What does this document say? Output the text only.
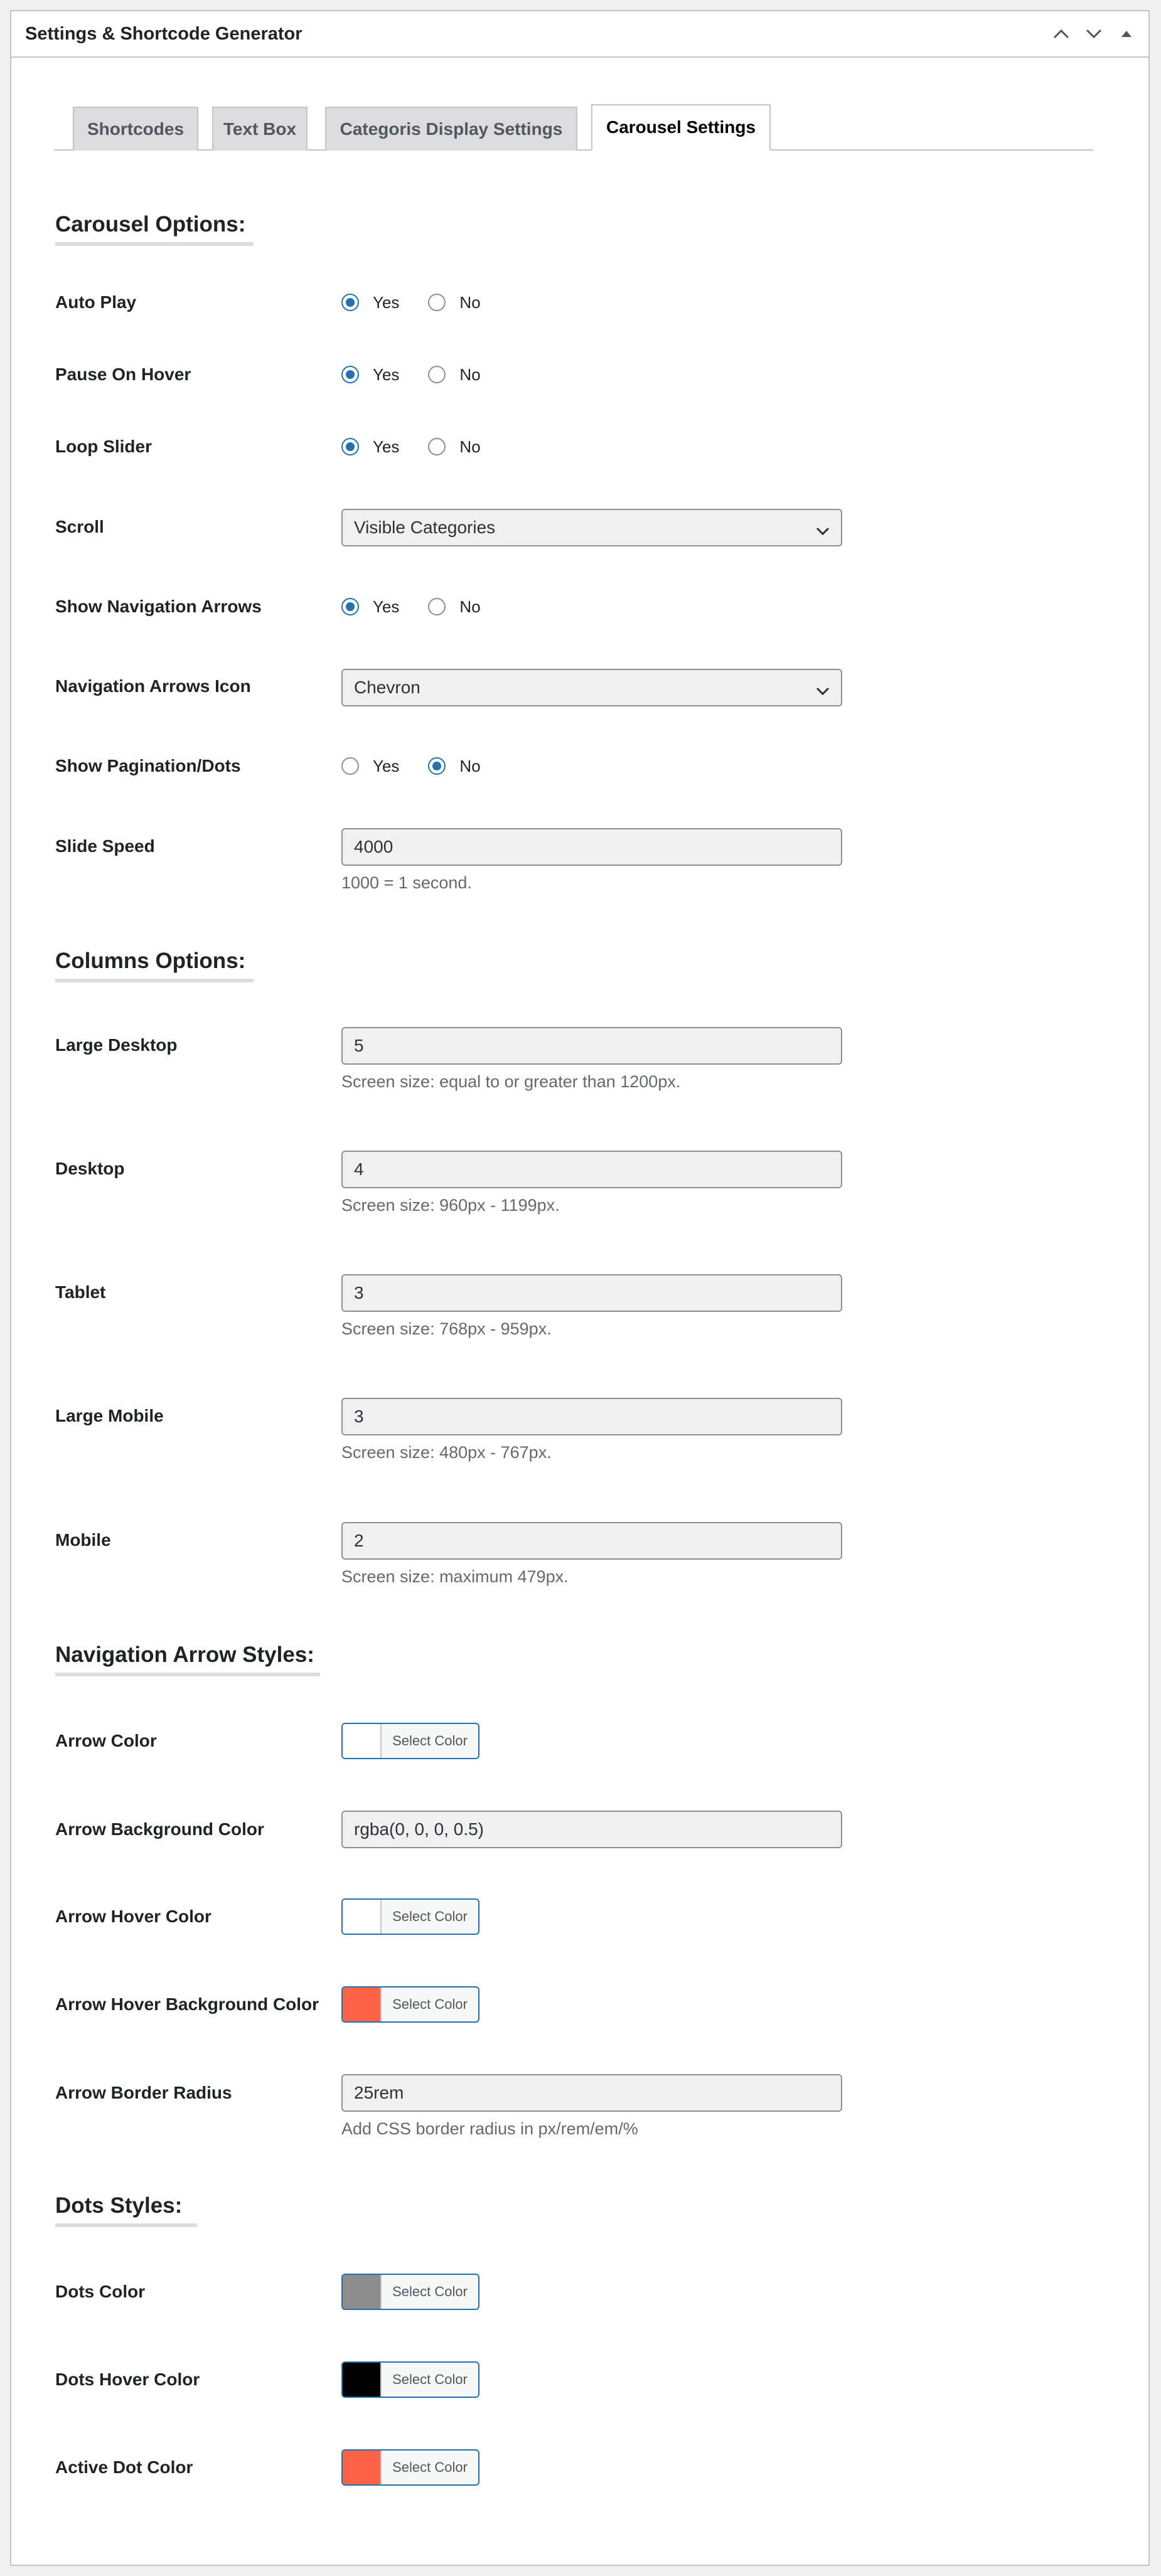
Settings & Shortcode Generator
Shortcodes	Text Box	Categoris Display Settings	Carousel Settings
Carousel Options:
Auto Play	Yes	No
Pause On Hover	Yes	No
Loop Slider	Yes	No
Scroll	Visible Categories
Show Navigation Arrows	Yes	No
Navigation Arrows Icon	Chevron
Show Pagination/Dots	Yes	No
Slide Speed	4000
1000 = 1 second.
Columns Options:
Large Desktop	5
Screen size: equal to or greater than 1200px.
Desktop	4
Screen size: 960px - 1199px.
Tablet	3
Screen size: 768px - 959px.
Large Mobile	3
Screen size: 480px - 767px.
Mobile	2
Screen size: maximum 479px.
Navigation Arrow Styles:
Arrow Color	Select Color
Arrow Background Color	rgba(0, 0, 0, 0.5)
Arrow Hover Color	Select Color
Arrow Hover Background Color	Select Color
Arrow Border Radius	25rem
Add CSS border radius in px/rem/em/%
Dots Styles:
Dots Color	Select Color
Dots Hover Color	Select Color
Active Dot Color	Select Color
